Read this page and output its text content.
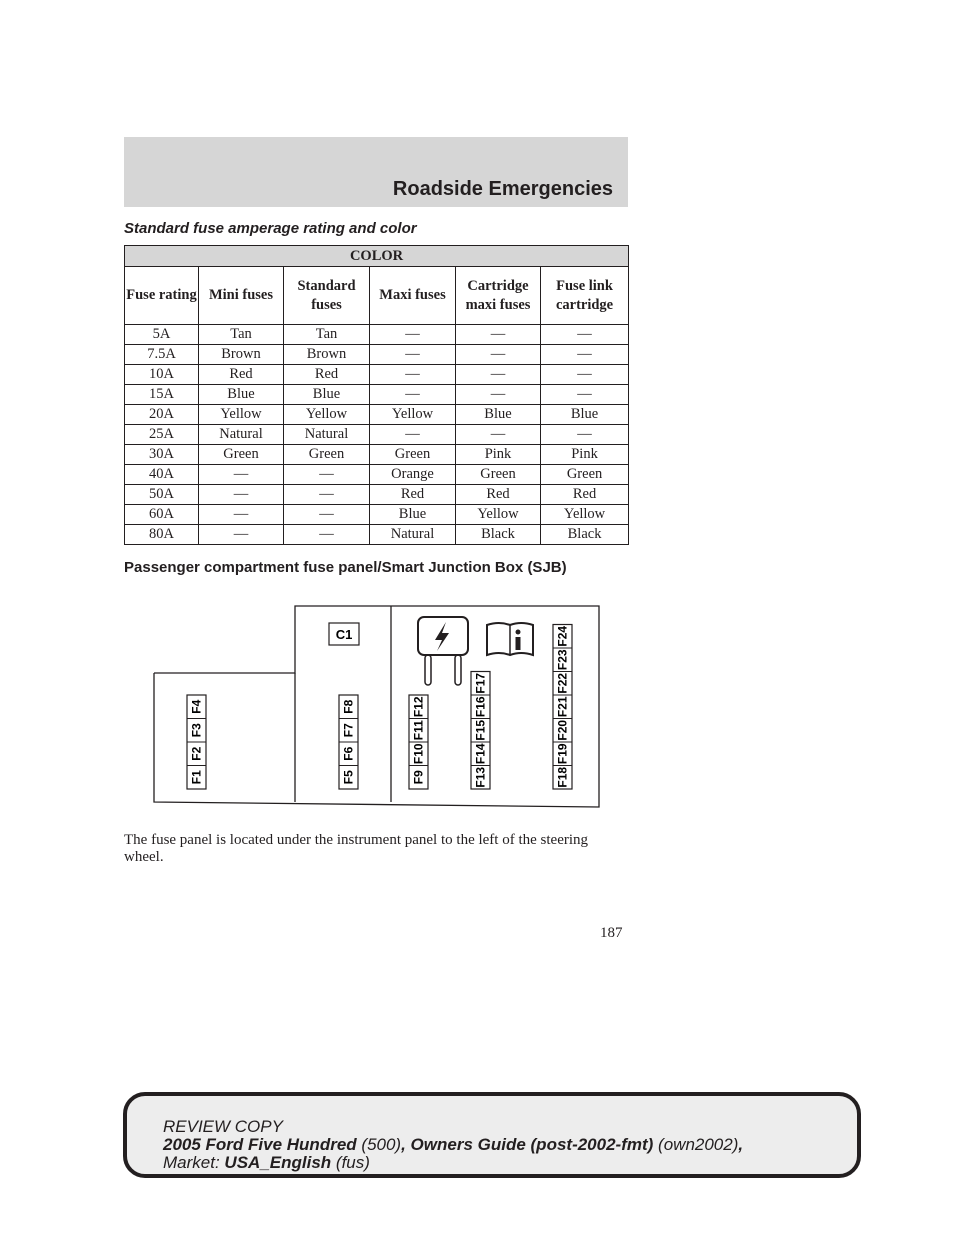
Roadside Emergencies
Standard fuse amperage rating and color
COLOR					
Fuse rating	Mini fuses	Standard fuses	Maxi fuses	Cartridge maxi fuses	Fuse link cartridge
5A	Tan	Tan	—	—	—
7.5A	Brown	Brown	—	—	—
10A	Red	Red	—	—	—
15A	Blue	Blue	—	—	—
20A	Yellow	Yellow	Yellow	Blue	Blue
25A	Natural	Natural	—	—	—
30A	Green	Green	Green	Pink	Pink
40A	—	—	Orange	Green	Green
50A	—	—	Red	Red	Red
60A	—	—	Blue	Yellow	Yellow
80A	—	—	Natural	Black	Black
Passenger compartment fuse panel/Smart Junction Box (SJB)
C1
F1
F2
F3
F4
F5
F6
F7
F8
F9
F10
F11
F12
F13
F14
F15
F16
F17
F18
F19
F20
F21
F22
F23
F24
The fuse panel is located under the instrument panel to the left of the steering wheel.
187
REVIEW COPY
2005 Ford Five Hundred (500), Owners Guide (post-2002-fmt) (own2002),
Market: USA_English (fus)
